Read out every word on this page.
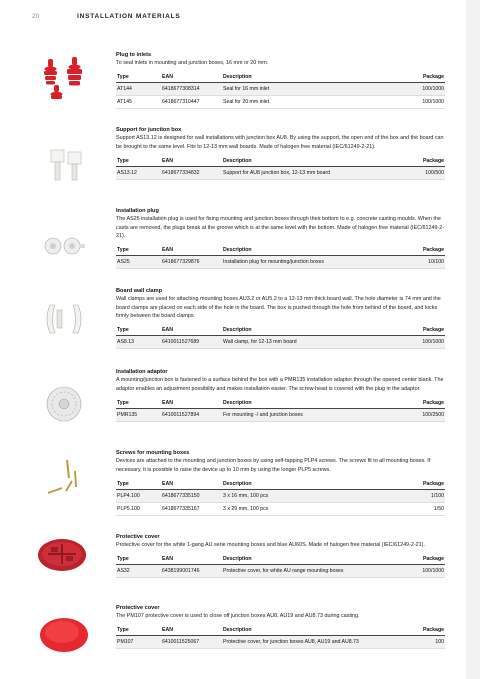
20	INSTALLATION MATERIALS
Plug to inlets
To seal inlets in mounting and junction boxes, 16 mm or 20 mm.
Type	EAN	Description	Package
AT144	6418677308314	Seal for 16 mm inlet	100/1000
AT145	6418677310447	Seal for 20 mm inlet	100/1000
Support for junction box
Support AS13.12 is designed for wall installations with junction box AU8. By using the support, the open end of the box and the board can be brought to the same level. Fits to 12-13 mm wall boards. Made of halogen free material (IEC/61249-2-21).
Type	EAN	Description	Package
AS13.12	6418677334832	Support for AU8 junction box, 12-13 mm board	100/500
Installation plug
The AS25 installation plug is used for fixing mounting and junction boxes through their bottom to e.g. concrete casting moulds. When the casts are removed, the plugs break at the groove which is at the same level with the bottom. Made of halogen free material (IEC/61249-2-21).
Type	EAN	Description	Package
AS25	6418677329876	Installation plug for mounting/junction boxes	10/100
Board wall clamp
Wall clamps are used for attaching mounting boxes AU3.2 or AU5.2 to a 12-13 mm thick board wall. The hole diameter is 74 mm and the board clamps are placed on each side of the hole in the board. The box is pushed through the hole from behind of the board, and locks firmly between the board clamps.
Type	EAN	Description	Package
AS8.13	6410011527689	Wall clamp, for 12-13 mm board	100/1000
Installation adaptor
A mounting/junction box is fastened to a surface behind the box with a PMR135 installation adaptor through the opened center blank. The adaptor enables an adjustment possibility and makes installation easier. The screw-head is covered with the plug in the adaptor.
Type	EAN	Description	Package
PMR135	6410011527894	For mounting -/ and junction boxes	100/2500
Screws for mounting boxes
Devices are attached to the mounting and junction boxes by using self-tapping PLP4 screws. The screws fit to all mounting boxes. If necessary, it is possible to raise the device up to 10 mm by using the longer PLP5 screws.
Type	EAN	Description	Package
PLP4.100	6418677335150	3 x 16 mm, 100 pcs	1/100
PLP5.100	6418677335167	3 x 29 mm, 100 pcs	1/50
Protective cover
Protective cover for the white 1-gang AU serie mounting boxes and blue AU60S. Made of halogen free material (IEC/61249-2-21).
Type	EAN	Description	Package
AS32	6438199001746	Protective cover, for white AU range mounting boxes	100/1000
Protective cover
The PM107 protective cover is used to close off junction boxes AU8, AU19 and AU8.73 during casting.
Type	EAN	Description	Package
PM107	6410011525067	Protective cover, for junction boxes AU8, AU19 and AU8.73	100
